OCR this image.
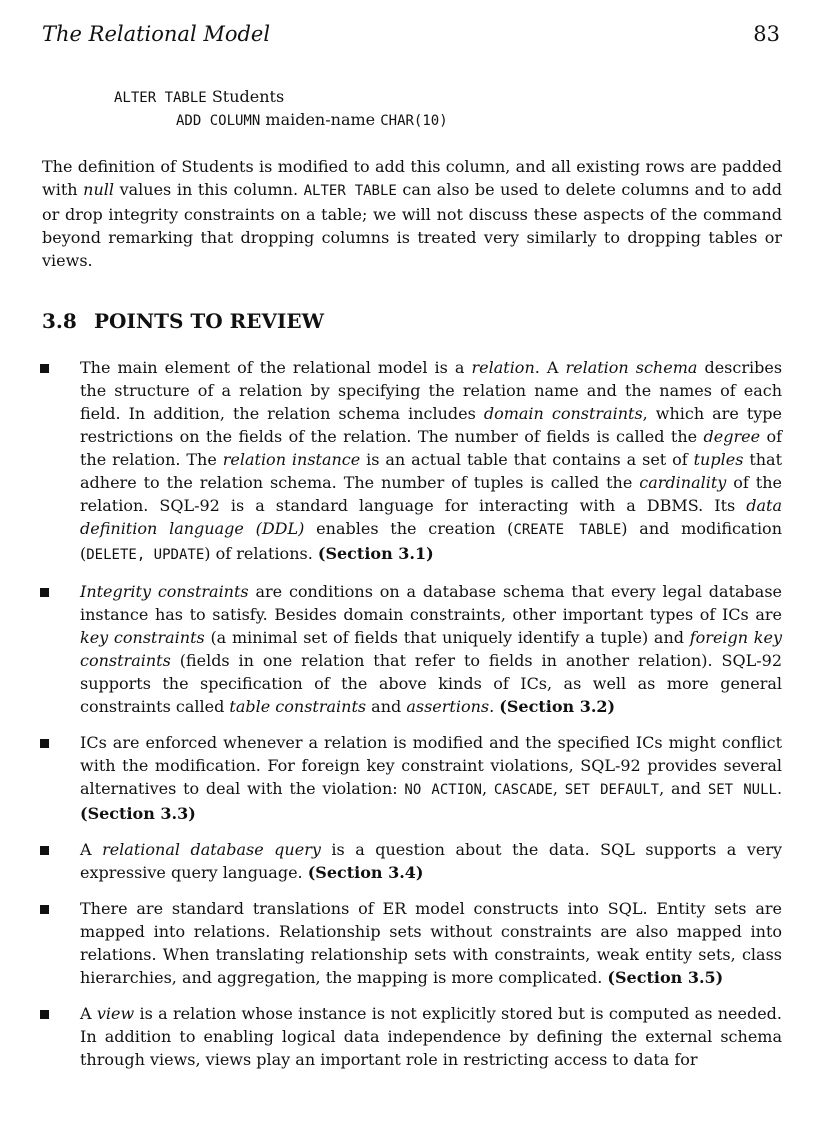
The Relational Model	83
ALTER TABLE Students
ADD COLUMN maiden-name CHAR(10)

The definition of Students is modified to add this column, and all existing rows are padded with null values in this column. ALTER TABLE can also be used to delete columns and to add or drop integrity constraints on a table; we will not discuss these aspects of the command beyond remarking that dropping columns is treated very similarly to dropping tables or views.

3.8 POINTS TO REVIEW

The main element of the relational model is a relation. A relation schema describes the structure of a relation by specifying the relation name and the names of each field. In addition, the relation schema includes domain constraints, which are type restrictions on the fields of the relation. The number of fields is called the degree of the relation. The relation instance is an actual table that contains a set of tuples that adhere to the relation schema. The number of tuples is called the cardinality of the relation. SQL-92 is a standard language for interacting with a DBMS. Its data definition language (DDL) enables the creation (CREATE TABLE) and modification (DELETE, UPDATE) of relations. (Section 3.1)

Integrity constraints are conditions on a database schema that every legal database instance has to satisfy. Besides domain constraints, other important types of ICs are key constraints (a minimal set of fields that uniquely identify a tuple) and foreign key constraints (fields in one relation that refer to fields in another relation). SQL-92 supports the specification of the above kinds of ICs, as well as more general constraints called table constraints and assertions. (Section 3.2)

ICs are enforced whenever a relation is modified and the specified ICs might conflict with the modification. For foreign key constraint violations, SQL-92 provides several alternatives to deal with the violation: NO ACTION, CASCADE, SET DEFAULT, and SET NULL. (Section 3.3)

A relational database query is a question about the data. SQL supports a very expressive query language. (Section 3.4)

There are standard translations of ER model constructs into SQL. Entity sets are mapped into relations. Relationship sets without constraints are also mapped into relations. When translating relationship sets with constraints, weak entity sets, class hierarchies, and aggregation, the mapping is more complicated. (Section 3.5)

A view is a relation whose instance is not explicitly stored but is computed as needed. In addition to enabling logical data independence by defining the external schema through views, views play an important role in restricting access to data for
